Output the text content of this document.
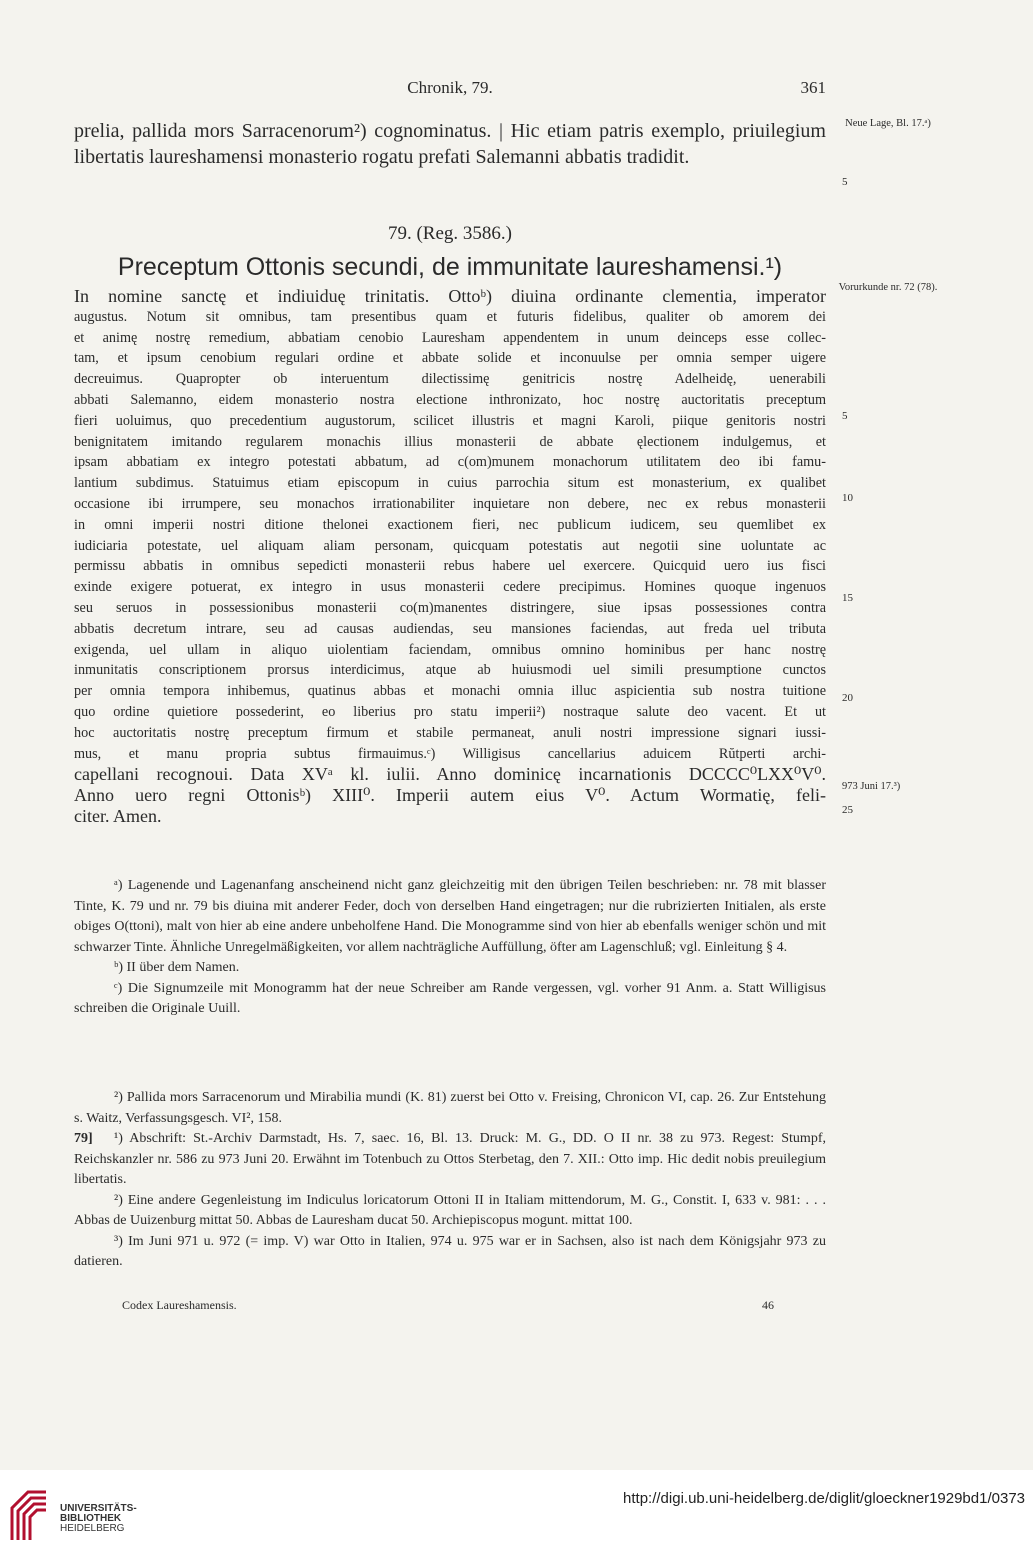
Chronik, 79.	361
prelia, pallida mors Sarracenorum²) cognominatus. | Hic etiam patris exemplo, priuilegium libertatis laureshamensi monasterio rogatu prefati Salemanni abbatis tradidit.
Neue Lage, Bl. 17.ᵃ)
5
79. (Reg. 3586.)
Preceptum Ottonis secundi, de immunitate laureshamensi.¹)
Vorurkunde nr. 72 (78).
In nomine sanctę et indiuiduę trinitatis. Ottoᵇ) diuina ordinante clementia, imperator
augustus. Notum sit omnibus, tam presentibus quam et futuris fidelibus, qualiter ob amorem dei
et animę nostrę remedium, abbatiam cenobio Lauresham appendentem in unum deinceps esse collec-
tam, et ipsum cenobium regulari ordine et abbate solide et inconuulse per omnia semper uigere
decreuimus. Quapropter ob interuentum dilectissimę genitricis nostrę Adelheidę, uenerabili
abbati Salemanno, eidem monasterio nostra electione inthronizato, hoc nostrę auctoritatis preceptum
fieri uoluimus, quo precedentium augustorum, scilicet illustris et magni Karoli, piique genitoris nostri
benignitatem imitando regularem monachis illius monasterii de abbate ęlectionem indulgemus, et
ipsam abbatiam ex integro potestati abbatum, ad c(om)munem monachorum utilitatem deo ibi famu-
lantium subdimus. Statuimus etiam episcopum in cuius parrochia situm est monasterium, ex qualibet
occasione ibi irrumpere, seu monachos irrationabiliter inquietare non debere, nec ex rebus monasterii
in omni imperii nostri ditione thelonei exactionem fieri, nec publicum iudicem, seu quemlibet ex
iudiciaria potestate, uel aliquam aliam personam, quicquam potestatis aut negotii sine uoluntate ac
permissu abbatis in omnibus sepedicti monasterii rebus habere uel exercere. Quicquid uero ius fisci
exinde exigere potuerat, ex integro in usus monasterii cedere precipimus. Homines quoque ingenuos
seu seruos in possessionibus monasterii co(m)manentes distringere, siue ipsas possessiones contra
abbatis decretum intrare, seu ad causas audiendas, seu mansiones faciendas, aut freda uel tributa
exigenda, uel ullam in aliquo uiolentiam faciendam, omnibus omnino hominibus per hanc nostrę
inmunitatis conscriptionem prorsus interdicimus, atque ab huiusmodi uel simili presumptione cunctos
per omnia tempora inhibemus, quatinus abbas et monachi omnia illuc aspicientia sub nostra tuitione
quo ordine quietiore possederint, eo liberius pro statu imperii²) nostraque salute deo vacent. Et ut
hoc auctoritatis nostrę preceptum firmum et stabile permaneat, anuli nostri impressione signari iussi-
mus, et manu propria subtus firmauimus.ᶜ) Willigisus cancellarius aduicem Rŭtperti archi-
capellani recognoui. Data XVᵃ kl. iulii. Anno dominicę incarnationis DCCCC⁰LXX⁰V⁰.
Anno uero regni Ottonisᵇ) XIII⁰. Imperii autem eius V⁰. Actum Wormatię, feli-
citer. Amen.
5
10
15
20
25
973 Juni 17.³)

ᵃ) Lagenende und Lagenanfang anscheinend nicht ganz gleichzeitig mit den übrigen Teilen beschrieben: nr. 78 mit blasser Tinte, K. 79 und nr. 79 bis diuina mit anderer Feder, doch von derselben Hand eingetragen; nur die rubrizierten Initialen, als erste obiges O(ttoni), malt von hier ab eine andere unbeholfene Hand. Die Monogramme sind von hier ab ebenfalls weniger schön und mit schwarzer Tinte. Ähnliche Unregelmäßigkeiten, vor allem nachträgliche Auffüllung, öfter am Lagenschluß; vgl. Einleitung § 4.

ᵇ) II über dem Namen.

ᶜ) Die Signumzeile mit Monogramm hat der neue Schreiber am Rande vergessen, vgl. vorher 91 Anm. a. Statt Willigisus schreiben die Originale Uuill.

²) Pallida mors Sarracenorum und Mirabilia mundi (K. 81) zuerst bei Otto v. Freising, Chronicon VI, cap. 26. Zur Entstehung s. Waitz, Verfassungsgesch. VI², 158.

79] ¹) Abschrift: St.-Archiv Darmstadt, Hs. 7, saec. 16, Bl. 13. Druck: M. G., DD. O II nr. 38 zu 973. Regest: Stumpf, Reichskanzler nr. 586 zu 973 Juni 20. Erwähnt im Totenbuch zu Ottos Sterbetag, den 7. XII.: Otto imp. Hic dedit nobis preuilegium libertatis.

²) Eine andere Gegenleistung im Indiculus loricatorum Ottoni II in Italiam mittendorum, M. G., Constit. I, 633 v. 981: . . . Abbas de Uuizenburg mittat 50. Abbas de Lauresham ducat 50. Archiepiscopus mogunt. mittat 100.

³) Im Juni 971 u. 972 (= imp. V) war Otto in Italien, 974 u. 975 war er in Sachsen, also ist nach dem Königsjahr 973 zu datieren.

Codex Laureshamensis.	46
UNIVERSITÄTS-
BIBLIOTHEK
HEIDELBERG
http://digi.ub.uni-heidelberg.de/diglit/gloeckner1929bd1/0373
